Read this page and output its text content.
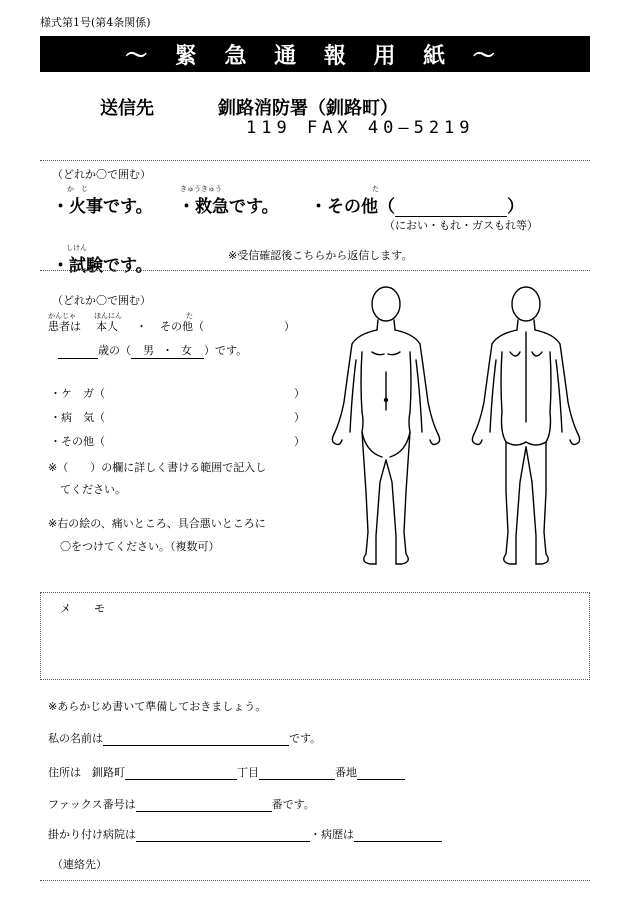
様式第1号(第4条関係)
～ 緊 急 通 報 用 紙 ～
送信先	釧路消防署（釧路町）
119 FAX 40―5219
（どれか〇で囲む）
か　じ
・火事です。
きゅうきゅう
・救急です。
た
・その他（	）
（におい・もれ・ガスもれ等）
しけん
・試験です。
※受信確認後こちらから返信します。
（どれか〇で囲む）
かんじゃ	ほんにん	た
患者は 本人 ・ その他（	）
歳の（ 男 ・ 女 ）です。
・ケ　ガ（	）
・病　気（	）
・その他（	）
※（　　）の欄に詳しく書ける範囲で記入し
てください。
※右の絵の、痛いところ、具合悪いところに
〇をつけてください。（複数可）
メ　モ
※あらかじめ書いて準備しておきましょう。
私の名前は	です。
住所は　釧路町	丁目	番地
ファックス番号は	番です。
掛かり付け病院は	・病歴は
（連絡先）
